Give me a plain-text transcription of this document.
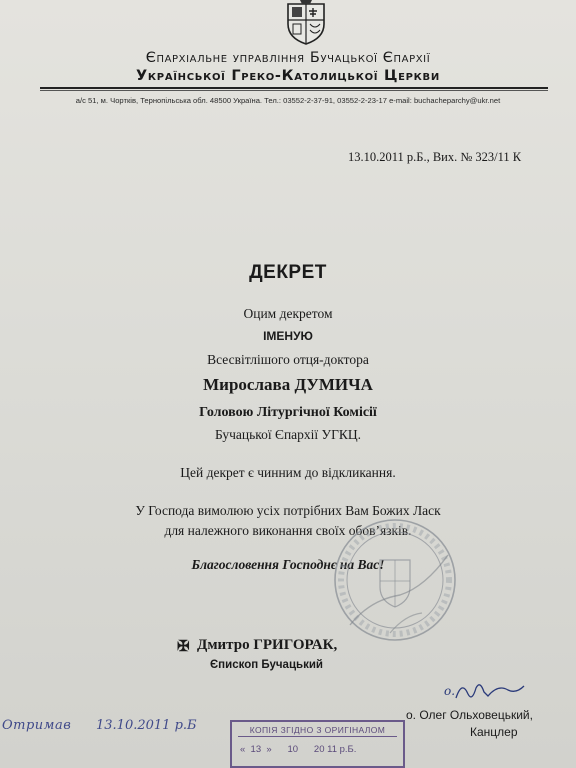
Єпархіальне управління Бучацької Єпархії
Української Греко-Католицької Церкви
а/с 51, м. Чортків, Тернопільська обл. 48500 Україна. Тел.: 03552-2-37-91, 03552-2-23-17 e-mail: buchacheparchy@ukr.net
13.10.2011 р.Б., Вих. № 323/11 К
ДЕКРЕТ
Оцим декретом
ІМЕНУЮ
Всесвітлішого отця-доктора
Мирослава ДУМИЧА
Головою Літургічної Комісії
Бучацької Єпархії УГКЦ.
Цей декрет є чинним до відкликання.
У Господа вимолюю усіх потрібних Вам Божих Ласк
для належного виконання своїх обов’язків.
Благословення Господнє на Вас!
✠ Дмитро ГРИГОРАК,
Єпископ Бучацький
о.
о. Олег Ольховецький,
Канцлер
Отримав 13.10.2011 р.Б	КОПІЯ ЗГІДНО З ОРИГІНАЛОМ
«  13  »      10      20 11 р.Б.
